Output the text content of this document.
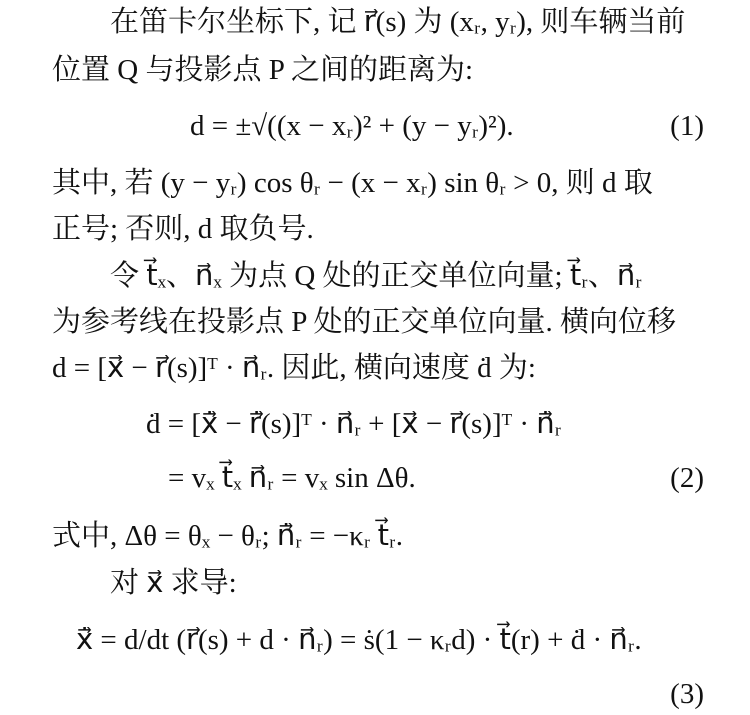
在笛卡尔坐标下, 记 r⃗(s) 为 (xᵣ, yᵣ), 则车辆当前
位置 Q 与投影点 P 之间的距离为:
d = ±√((x − xᵣ)² + (y − yᵣ)²).	(1)
其中, 若 (y − yᵣ) cos θᵣ − (x − xᵣ) sin θᵣ > 0, 则 d 取
正号; 否则, d 取负号.
令 t⃗ₓ、n⃗ₓ 为点 Q 处的正交单位向量; t⃗ᵣ、n⃗ᵣ
为参考线在投影点 P 处的正交单位向量. 横向位移
d = [x⃗ − r⃗(s)]ᵀ · n⃗ᵣ. 因此, 横向速度 ḋ 为:
ḋ = [x⃗̇ − r⃗̇(s)]ᵀ · n⃗ᵣ + [x⃗ − r⃗(s)]ᵀ · n⃗̇ᵣ
= vₓ t⃗ₓ n⃗ᵣ = vₓ sin Δθ.	(2)
式中, Δθ = θₓ − θᵣ; n⃗̇ᵣ = −κᵣ t⃗ᵣ.
对 x⃗ 求导:
x⃗̇ = d/dt (r⃗(s) + d · n⃗ᵣ) = ṡ(1 − κᵣd) · t⃗(r) + ḋ · n⃗ᵣ.
(3)
